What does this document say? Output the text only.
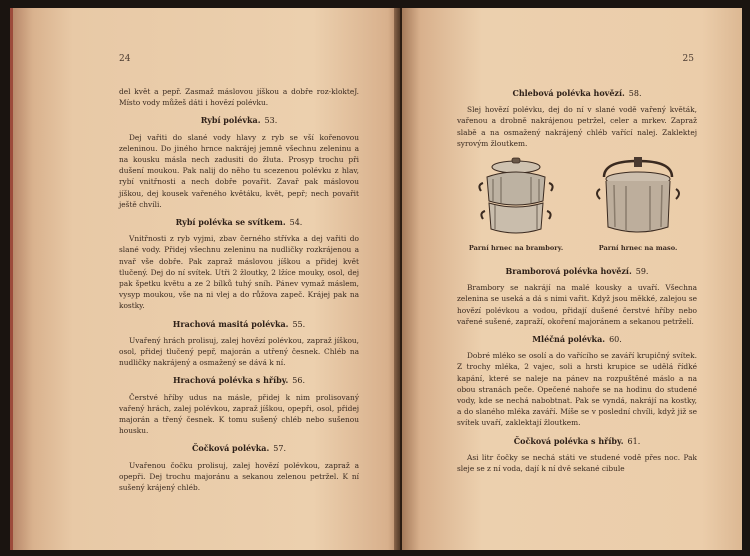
24

del květ a pepř. Zasmaž máslovou jíškou a dobře roz-klokteJ. Místo vody můžeš dáti i hovězí polévku.

Rybí polévka. 53.

Dej vařiti do slané vody hlavy z ryb se vší kořenovou zeleninou. Do jiného hrnce nakrájej jemně všechnu zeleninu a na kousku másla nech zadusiti do žluta. Prosyp trochu při dušení moukou. Pak nalij do něho tu scezenou polévku z hlav, rybí vnitřnosti a nech dobře povařit. Zavař pak máslovou jíškou, dej kousek vařeného květáku, květ, pepř; nech povařit ještě chvíli.

Rybí polévka se svítkem. 54.

Vnitřnosti z ryb vyjmi, zbav černého střívka a dej vařiti do slané vody. Přidej všechnu zeleninu na nudličky rozkrájenou a nvař vše dobře. Pak zapraž máslovou jíškou a přidej květ tlučený. Dej do ní svítek. Utři 2 žloutky, 2 lžíce mouky, osol, dej pak špetku květu a ze 2 bílků tuhý sníh. Pánev vymaž máslem, vysyp moukou, vše na ni vlej a do růžova zapeč. Krájej pak na kostky.

Hrachová masitá polévka. 55.

Uvařený hrách prolisuj, zalej hovězí polévkou, zapraž jíškou, osol, přidej tlučený pepř, majorán a utřený česnek. Chléb na nudličky nakrájený a osmažený se dává k ní.

Hrachová polévka s hříby. 56.

Čerstvé hříby udus na másle, přidej k nim prolisovaný vařený hrách, zalej polévkou, zapraž jíškou, opepři, osol, přidej majorán a třený česnek. K tomu sušený chléb nebo sušenou housku.

Čočková polévka. 57.

Uvařenou čočku prolisuj, zalej hovězí polévkou, zapraž a opepři. Dej trochu majoránu a sekanou zelenou petržel. K ní sušený krájený chléb.

25
Chlebová polévka hovězí. 58.

Slej hovězí polévku, dej do ní v slané vodě vařený květák, vařenou a drobně nakrájenou petržel, celer a mrkev. Zapraž slabě a na osmažený nakrájený chléb vařící nalej. Zaklektej syrovým žloutkem.

Parní hrnec na brambory.	Parní hrnec na maso.
Bramborová polévka hovězí. 59.

Brambory se nakrájí na malé kousky a uvaří. Všechna zelenina se useká a dá s nimi vařit. Když jsou měkké, zalejou se hovězí polévkou a vodou, přidají dušené čerstvé hříby nebo vařené sušené, zapraží, okoření majoránem a sekanou petrželí.

Mléčná polévka. 60.

Dobré mléko se osolí a do vařícího se zaváří krupičný svítek. Z trochy mléka, 2 vajec, soli a hrsti krupice se udělá řídké kapání, které se naleje na pánev na rozpuštěné máslo a na obou stranách peče. Opečené nahoře se na hodinu do studené vody, kde se nechá nabobtnat. Pak se vyndá, nakrájí na kostky, a do slaného mléka zaváří. Míše se v poslední chvíli, když již se svítek uvaří, zaklektají žloutkem.

Čočková polévka s hříby. 61.

Asi litr čočky se nechá státi ve studené vodě přes noc. Pak sleje se z ní voda, dají k ní dvě sekané cibule
